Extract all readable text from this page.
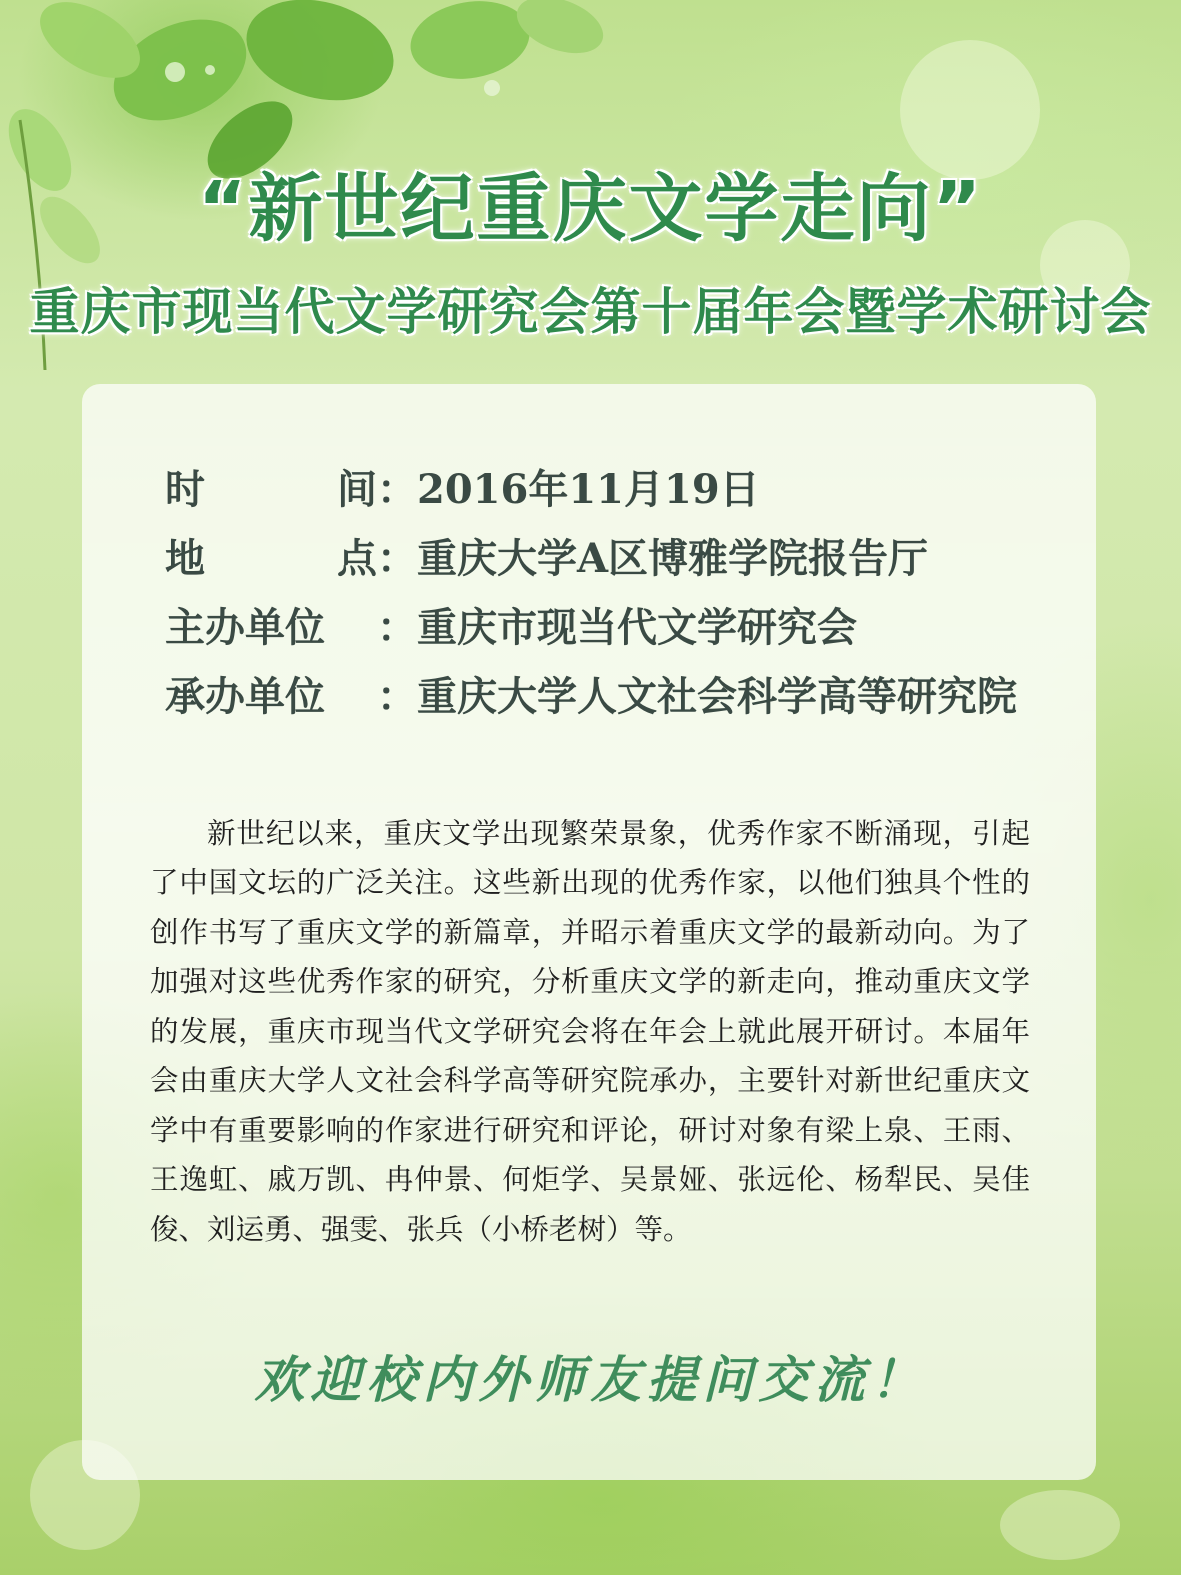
“新世纪重庆文学走向”
重庆市现当代文学研究会第十届年会暨学术研讨会
时	间 ： 2016年11月19日
地	点 ： 重庆大学A区博雅学院报告厅
主办单位 ： 重庆市现当代文学研究会
承办单位 ： 重庆大学人文社会科学高等研究院

新世纪以来，重庆文学出现繁荣景象，优秀作家不断涌现，引起了中国文坛的广泛关注。这些新出现的优秀作家，以他们独具个性的创作书写了重庆文学的新篇章，并昭示着重庆文学的最新动向。为了加强对这些优秀作家的研究，分析重庆文学的新走向，推动重庆文学的发展，重庆市现当代文学研究会将在年会上就此展开研讨。本届年会由重庆大学人文社会科学高等研究院承办，主要针对新世纪重庆文学中有重要影响的作家进行研究和评论，研讨对象有梁上泉、王雨、王逸虹、戚万凯、冉仲景、何炬学、吴景娅、张远伦、杨犁民、吴佳俊、刘运勇、强雯、张兵（小桥老树）等。

欢迎校内外师友提问交流！
